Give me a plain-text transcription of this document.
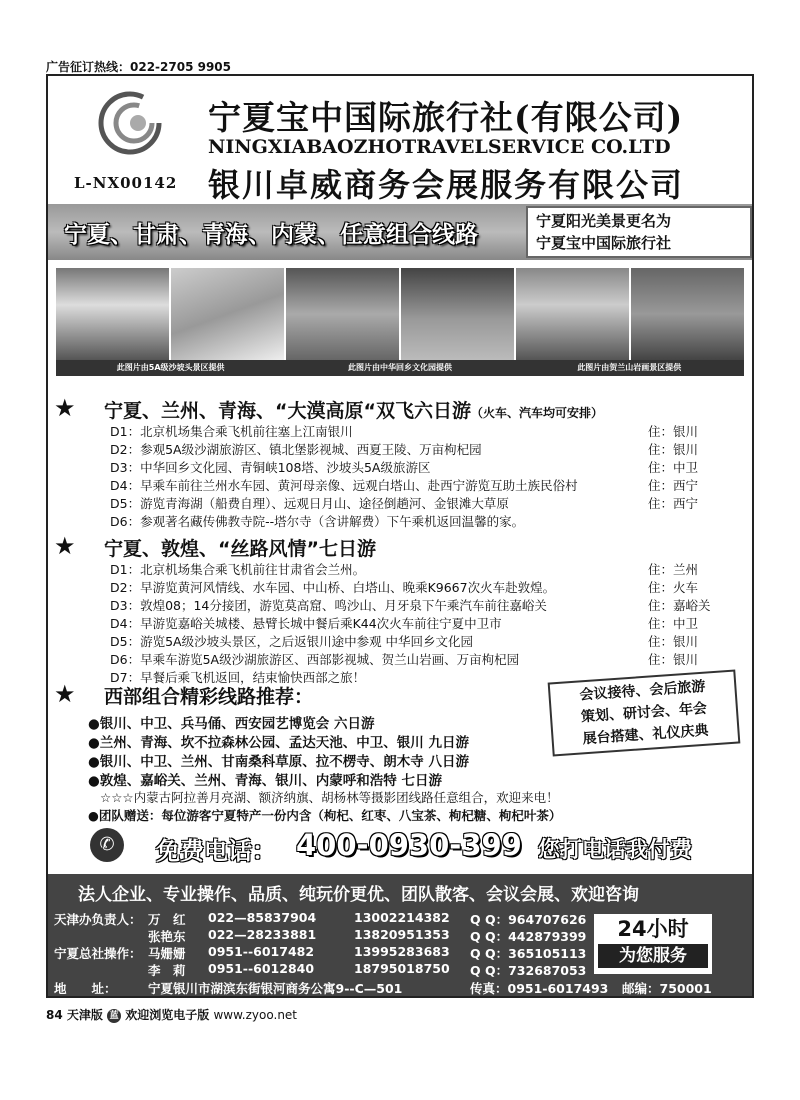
广告征订热线：022-2705 9905
L-NX00142
宁夏宝中国际旅行社(有限公司)
NINGXIABAOZHOTRAVELSERVICE CO.LTD
银川卓威商务会展服务有限公司
宁夏、甘肃、青海、内蒙、任意组合线路
宁夏阳光美景更名为
宁夏宝中国际旅行社
此图片由5A级沙坡头景区提供	此图片由中华回乡文化园提供	此图片由贺兰山岩画景区提供
★ 宁夏、兰州、青海、“大漠高原“双飞六日游（火车、汽车均可安排）
D1：北京机场集合乘飞机前往塞上江南银川	住：银川
D2：参观5A级沙湖旅游区、镇北堡影视城、西夏王陵、万亩枸杞园	住：银川
D3：中华回乡文化园、青铜峡108塔、沙坡头5A级旅游区	住：中卫
D4：早乘车前往兰州水车园、黄河母亲像、远观白塔山、赴西宁游览互助土族民俗村	住：西宁
D5：游览青海湖（船费自理）、远观日月山、途径倒趟河、金银滩大草原	住：西宁
D6：参观著名藏传佛教寺院--塔尔寺（含讲解费）下午乘机返回温馨的家。
★ 宁夏、敦煌、“丝路风情”七日游
D1：北京机场集合乘飞机前往甘肃省会兰州。	住：兰州
D2：早游览黄河风情线、水车园、中山桥、白塔山、晚乘K9667次火车赴敦煌。	住：火车
D3：敦煌08；14分接团，游览莫高窟、鸣沙山、月牙泉下午乘汽车前往嘉峪关	住：嘉峪关
D4：早游览嘉峪关城楼、悬臂长城中餐后乘K44次火车前往宁夏中卫市	住：中卫
D5：游览5A级沙坡头景区，之后返银川途中参观 中华回乡文化园	住：银川
D6：早乘车游览5A级沙湖旅游区、西部影视城、贺兰山岩画、万亩枸杞园	住：银川
D7：早餐后乘飞机返回，结束愉快西部之旅！
★ 西部组合精彩线路推荐：
●银川、中卫、兵马俑、西安园艺博览会 六日游
●兰州、青海、坎不拉森林公园、孟达天池、中卫、银川 九日游
●银川、中卫、兰州、甘南桑科草原、拉不楞寺、朗木寺 八日游
●敦煌、嘉峪关、兰州、青海、银川、内蒙呼和浩特 七日游
☆☆☆内蒙古阿拉善月亮湖、额济纳旗、胡杨林等摄影团线路任意组合，欢迎来电！
●团队赠送：每位游客宁夏特产一份内含（枸杞、红枣、八宝茶、枸杞糖、枸杞叶茶）
会议接待、会后旅游
策划、研讨会、年会
展台搭建、礼仪庆典
✆	免费电话： 400-0930-399 您打电话我付费
法人企业、专业操作、品质、纯玩价更优、团队散客、会议会展、欢迎咨询
天津办负责人：
宁夏总社操作：
万　红 022—85837904	13002214382 Q Q：964707626
张艳东 022—28233881	13820951353 Q Q：442879399
马姗姗 0951--6017482	13995283683 Q Q：365105113
李　莉 0951--6012840	18795018750 Q Q：732687053
地　　址：	宁夏银川市湖滨东街银河商务公寓9--C—501	传真：0951-6017493 邮编：750001
24小时
为您服务
84 天津版 蓝 欢迎浏览电子版 www.zyoo.net
